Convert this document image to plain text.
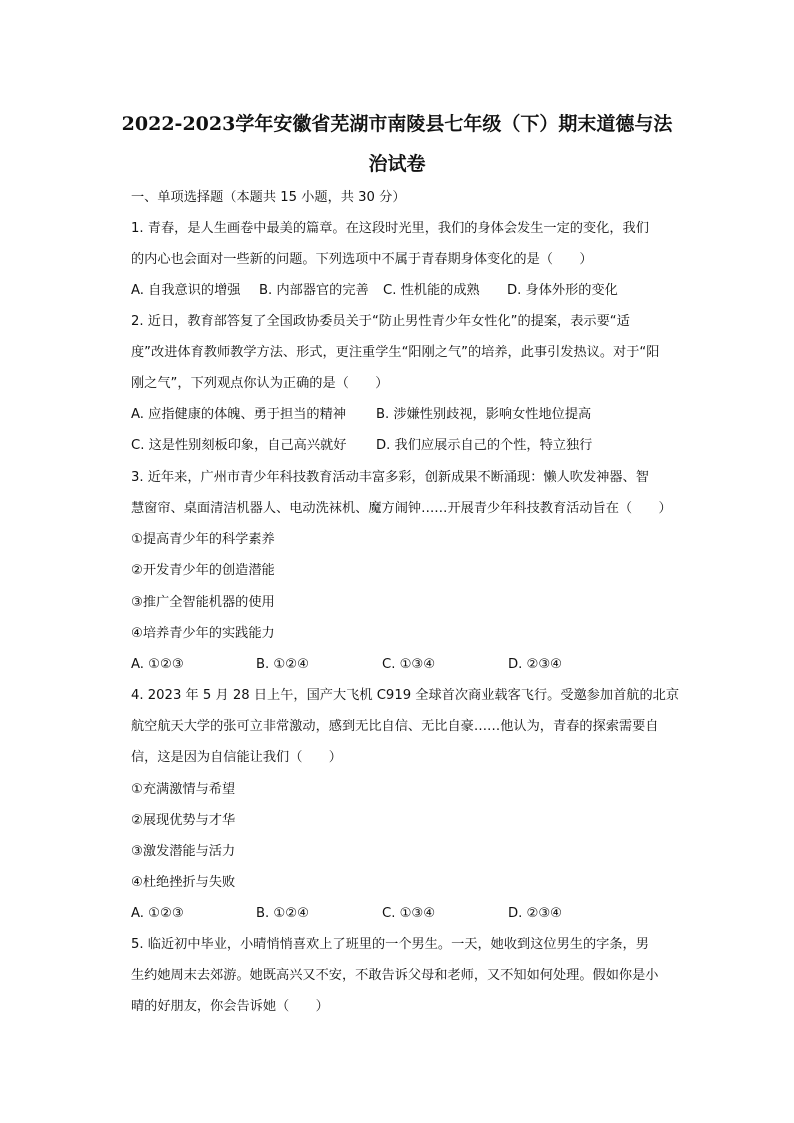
2022-2023学年安徽省芜湖市南陵县七年级（下）期末道德与法
治试卷
一、单项选择题（本题共 15 小题，共 30 分）
1. 青春，是人生画卷中最美的篇章。在这段时光里，我们的身体会发生一定的变化，我们
的内心也会面对一些新的问题。下列选项中不属于青春期身体变化的是（　　）
A. 自我意识的增强 B. 内部器官的完善 C. 性机能的成熟 D. 身体外形的变化
2. 近日，教育部答复了全国政协委员关于“防止男性青少年女性化”的提案，表示要“适
度”改进体育教师教学方法、形式，更注重学生“阳刚之气”的培养，此事引发热议。对于“阳
刚之气”，下列观点你认为正确的是（　　）
A. 应指健康的体魄、勇于担当的精神 B. 涉嫌性别歧视，影响女性地位提高
C. 这是性别刻板印象，自己高兴就好 D. 我们应展示自己的个性，特立独行
3. 近年来，广州市青少年科技教育活动丰富多彩，创新成果不断涌现：懒人吹发神器、智
慧窗帘、桌面清洁机器人、电动洗袜机、魔方闹钟……开展青少年科技教育活动旨在（　　）
①提高青少年的科学素养
②开发青少年的创造潜能
③推广全智能机器的使用
④培养青少年的实践能力
A. ①②③	B. ①②④	C. ①③④	D. ②③④
4. 2023 年 5 月 28 日上午，国产大飞机 C919 全球首次商业载客飞行。受邀参加首航的北京
航空航天大学的张可立非常激动，感到无比自信、无比自豪……他认为，青春的探索需要自
信，这是因为自信能让我们（　　）
①充满激情与希望
②展现优势与才华
③激发潜能与活力
④杜绝挫折与失败
A. ①②③	B. ①②④	C. ①③④	D. ②③④
5. 临近初中毕业，小晴悄悄喜欢上了班里的一个男生。一天，她收到这位男生的字条，男
生约她周末去郊游。她既高兴又不安，不敢告诉父母和老师，又不知如何处理。假如你是小
晴的好朋友，你会告诉她（　　）
